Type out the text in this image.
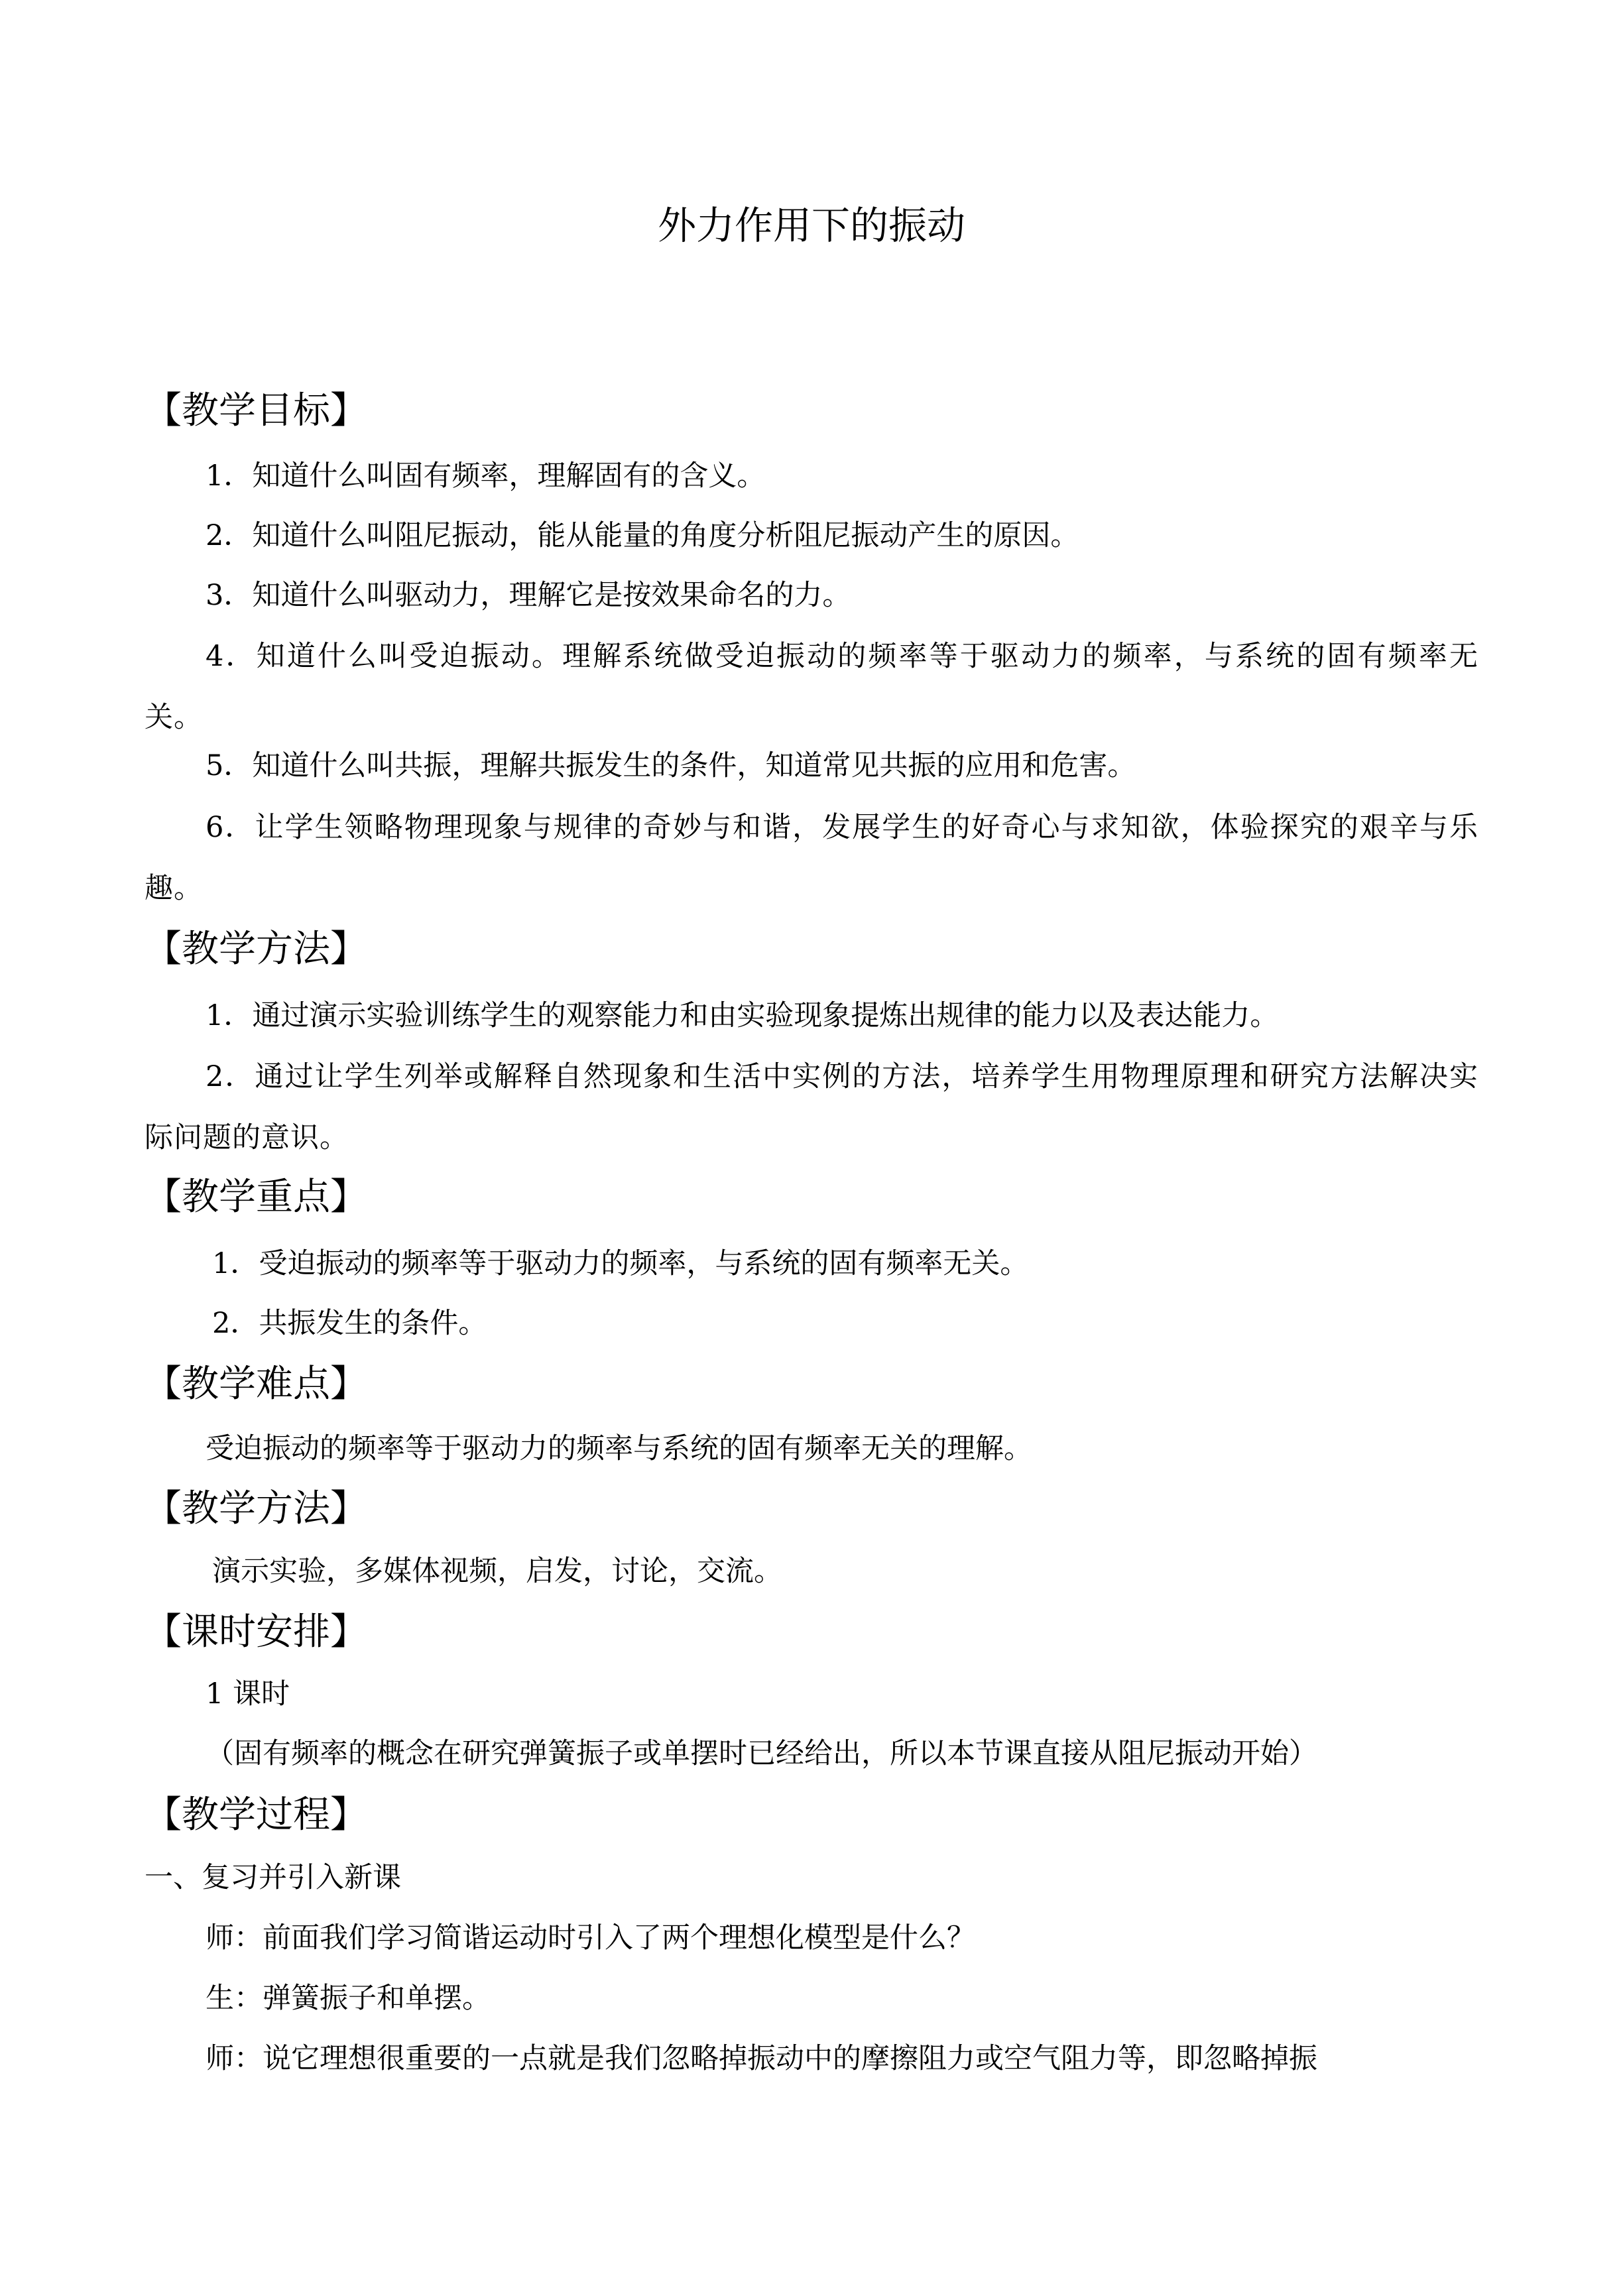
外力作用下的振动
【教学目标】
1．知道什么叫固有频率，理解固有的含义。
2．知道什么叫阻尼振动，能从能量的角度分析阻尼振动产生的原因。
3．知道什么叫驱动力，理解它是按效果命名的力。
4．知道什么叫受迫振动。理解系统做受迫振动的频率等于驱动力的频率，与系统的固有频率无关。
5．知道什么叫共振，理解共振发生的条件，知道常见共振的应用和危害。
6．让学生领略物理现象与规律的奇妙与和谐，发展学生的好奇心与求知欲，体验探究的艰辛与乐趣。
【教学方法】
1．通过演示实验训练学生的观察能力和由实验现象提炼出规律的能力以及表达能力。
2．通过让学生列举或解释自然现象和生活中实例的方法，培养学生用物理原理和研究方法解决实际问题的意识。
【教学重点】
1．受迫振动的频率等于驱动力的频率，与系统的固有频率无关。
2．共振发生的条件。
【教学难点】
受迫振动的频率等于驱动力的频率与系统的固有频率无关的理解。
【教学方法】
演示实验，多媒体视频，启发，讨论，交流。
【课时安排】
1 课时
（固有频率的概念在研究弹簧振子或单摆时已经给出，所以本节课直接从阻尼振动开始）
【教学过程】
一、复习并引入新课
师：前面我们学习简谐运动时引入了两个理想化模型是什么？
生：弹簧振子和单摆。
师：说它理想很重要的一点就是我们忽略掉振动中的摩擦阻力或空气阻力等，即忽略掉振
